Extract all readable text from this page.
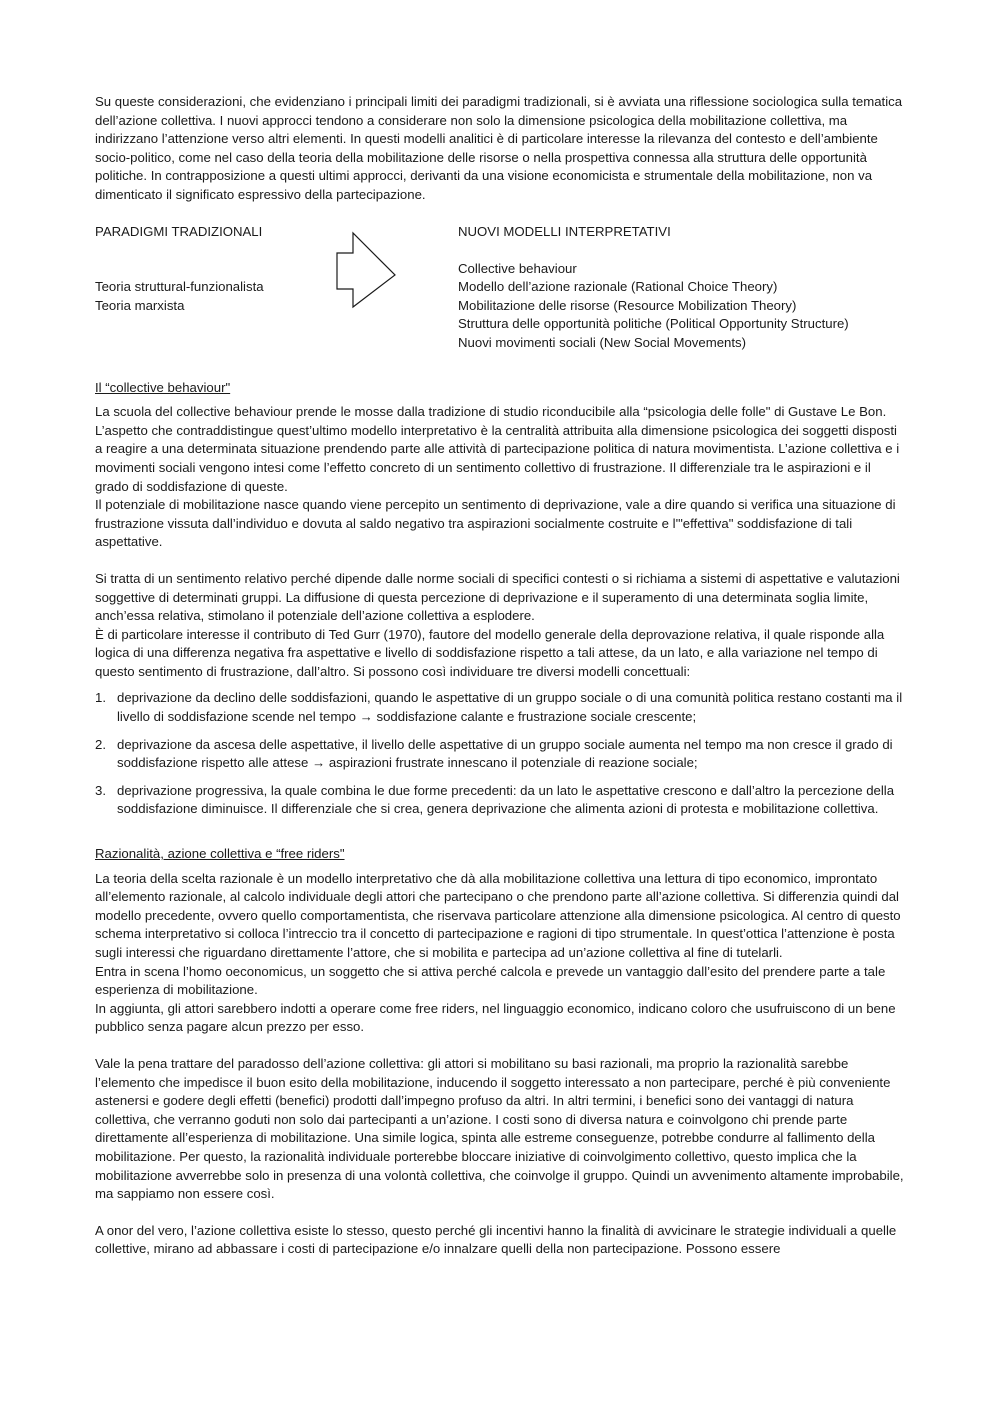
Su queste considerazioni, che evidenziano i principali limiti dei paradigmi tradizionali, si è avviata una riflessione sociologica sulla tematica dell’azione collettiva. I nuovi approcci tendono a considerare non solo la dimensione psicologica della mobilitazione collettiva, ma indirizzano l’attenzione verso altri elementi. In questi modelli analitici è di particolare interesse la rilevanza del contesto e dell’ambiente socio-politico, come nel caso della teoria della mobilitazione delle risorse o nella prospettiva connessa alla struttura delle opportunità politiche. In contrapposizione a questi ultimi approcci, derivanti da una visione economicista e strumentale della mobilitazione, non va dimenticato il significato espressivo della partecipazione.

PARADIGMI TRADIZIONALI
Teoria struttural-funzionalista
Teoria marxista
NUOVI MODELLI INTERPRETATIVI
Collective behaviour
Modello dell’azione razionale (Rational Choice Theory)
Mobilitazione delle risorse (Resource Mobilization Theory)
Struttura delle opportunità politiche (Political Opportunity Structure)
Nuovi movimenti sociali (New Social Movements)

Il “collective behaviour"

La scuola del collective behaviour prende le mosse dalla tradizione di studio riconducibile alla “psicologia delle folle" di Gustave Le Bon. L’aspetto che contraddistingue quest’ultimo modello interpretativo è la centralità attribuita alla dimensione psicologica dei soggetti disposti a reagire a una determinata situazione prendendo parte alle attività di partecipazione politica di natura movimentista. L’azione collettiva e i movimenti sociali vengono intesi come l’effetto concreto di un sentimento collettivo di frustrazione. Il differenziale tra le aspirazioni e il grado di soddisfazione di queste.

Il potenziale di mobilitazione nasce quando viene percepito un sentimento di deprivazione, vale a dire quando si verifica una situazione di frustrazione vissuta dall’individuo e dovuta al saldo negativo tra aspirazioni socialmente costruite e l'"effettiva" soddisfazione di tali aspettative.

Si tratta di un sentimento relativo perché dipende dalle norme sociali di specifici contesti o si richiama a sistemi di aspettative e valutazioni soggettive di determinati gruppi. La diffusione di questa percezione di deprivazione e il superamento di una determinata soglia limite, anch’essa relativa, stimolano il potenziale dell’azione collettiva a esplodere.

È di particolare interesse il contributo di Ted Gurr (1970), fautore del modello generale della deprovazione relativa, il quale risponde alla logica di una differenza negativa fra aspettative e livello di soddisfazione rispetto a tali attese, da un lato, e alla variazione nel tempo di questo sentimento di frustrazione, dall’altro. Si possono così individuare tre diversi modelli concettuali:

1. deprivazione da declino delle soddisfazioni, quando le aspettative di un gruppo sociale o di una comunità politica restano costanti ma il livello di soddisfazione scende nel tempo → soddisfazione calante e frustrazione sociale crescente;
2. deprivazione da ascesa delle aspettative, il livello delle aspettative di un gruppo sociale aumenta nel tempo ma non cresce il grado di soddisfazione rispetto alle attese → aspirazioni frustrate innescano il potenziale di reazione sociale;
3. deprivazione progressiva, la quale combina le due forme precedenti: da un lato le aspettative crescono e dall’altro la percezione della soddisfazione diminuisce. Il differenziale che si crea, genera deprivazione che alimenta azioni di protesta e mobilitazione collettiva.

Razionalità, azione collettiva e “free riders"

La teoria della scelta razionale è un modello interpretativo che dà alla mobilitazione collettiva una lettura di tipo economico, improntato all’elemento razionale, al calcolo individuale degli attori che partecipano o che prendono parte all’azione collettiva. Si differenzia quindi dal modello precedente, ovvero quello comportamentista, che riservava particolare attenzione alla dimensione psicologica. Al centro di questo schema interpretativo si colloca l’intreccio tra il concetto di partecipazione e ragioni di tipo strumentale. In quest’ottica l’attenzione è posta sugli interessi che riguardano direttamente l’attore, che si mobilita e partecipa ad un’azione collettiva al fine di tutelarli.

Entra in scena l’homo oeconomicus, un soggetto che si attiva perché calcola e prevede un vantaggio dall’esito del prendere parte a tale esperienza di mobilitazione.

In aggiunta, gli attori sarebbero indotti a operare come free riders, nel linguaggio economico, indicano coloro che usufruiscono di un bene pubblico senza pagare alcun prezzo per esso.

Vale la pena trattare del paradosso dell’azione collettiva: gli attori si mobilitano su basi razionali, ma proprio la razionalità sarebbe l’elemento che impedisce il buon esito della mobilitazione, inducendo il soggetto interessato a non partecipare, perché è più conveniente astenersi e godere degli effetti (benefici) prodotti dall’impegno profuso da altri. In altri termini, i benefici sono dei vantaggi di natura collettiva, che verranno goduti non solo dai partecipanti a un’azione. I costi sono di diversa natura e coinvolgono chi prende parte direttamente all’esperienza di mobilitazione. Una simile logica, spinta alle estreme conseguenze, potrebbe condurre al fallimento della mobilitazione. Per questo, la razionalità individuale porterebbe bloccare iniziative di coinvolgimento collettivo, questo implica che la mobilitazione avverrebbe solo in presenza di una volontà collettiva, che coinvolge il gruppo. Quindi un avvenimento altamente improbabile, ma sappiamo non essere così.

A onor del vero, l’azione collettiva esiste lo stesso, questo perché gli incentivi hanno la finalità di avvicinare le strategie individuali a quelle collettive, mirano ad abbassare i costi di partecipazione e/o innalzare quelli della non partecipazione. Possono essere
